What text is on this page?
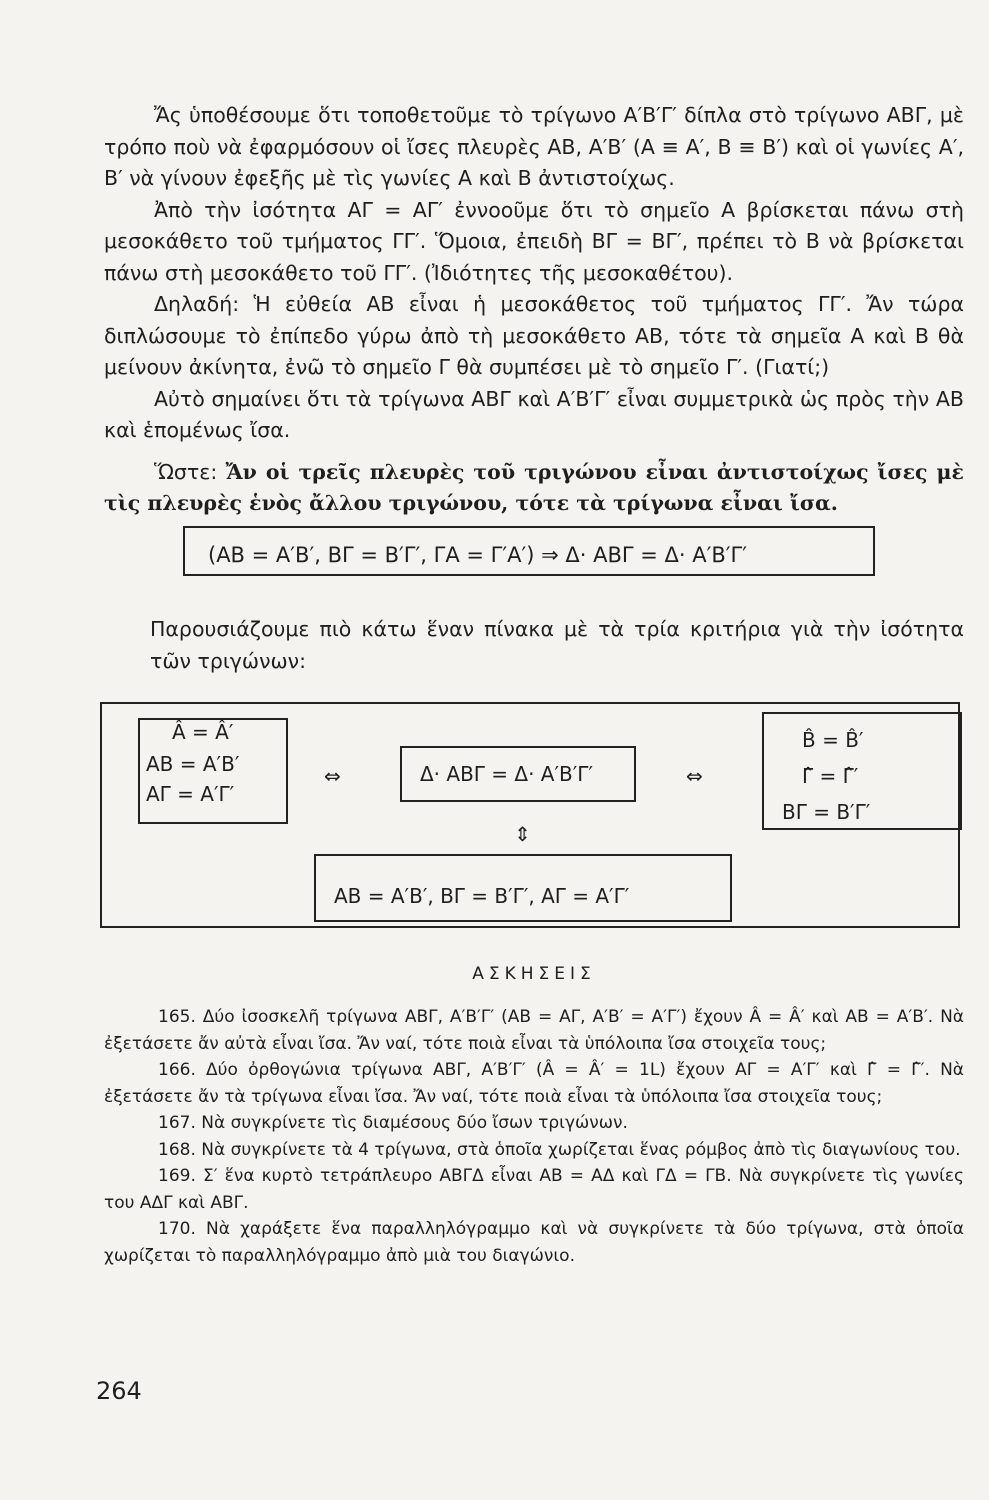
Ἄς ὑποθέσουμε ὅτι τοποθετοῦμε τὸ τρίγωνο Α′Β′Γ′ δίπλα στὸ τρίγωνο ΑΒΓ, μὲ τρόπο ποὺ νὰ ἐφαρμόσουν οἱ ἴσες πλευρὲς ΑΒ, Α′Β′ (Α ≡ Α′, Β ≡ Β′) καὶ οἱ γωνίες Α′, Β′ νὰ γίνουν ἐφεξῆς μὲ τὶς γωνίες Α καὶ Β ἀντιστοίχως.

Ἀπὸ τὴν ἰσότητα ΑΓ = ΑΓ′ ἐννοοῦμε ὅτι τὸ σημεῖο Α βρίσκεται πάνω στὴ μεσοκάθετο τοῦ τμήματος ΓΓ′. Ὅμοια, ἐπειδὴ ΒΓ = ΒΓ′, πρέπει τὸ Β νὰ βρίσκεται πάνω στὴ μεσοκάθετο τοῦ ΓΓ′. (Ἰδιότητες τῆς μεσοκαθέτου).

Δηλαδή: Ἡ εὐθεία ΑΒ εἶναι ἡ μεσοκάθετος τοῦ τμήματος ΓΓ′. Ἄν τώρα διπλώσουμε τὸ ἐπίπεδο γύρω ἀπὸ τὴ μεσοκάθετο ΑΒ, τότε τὰ σημεῖα Α καὶ Β θὰ μείνουν ἀκίνητα, ἐνῶ τὸ σημεῖο Γ θὰ συμπέσει μὲ τὸ σημεῖο Γ′. (Γιατί;)

Αὐτὸ σημαίνει ὅτι τὰ τρίγωνα ΑΒΓ καὶ Α′Β′Γ′ εἶναι συμμετρικὰ ὡς πρὸς τὴν ΑΒ καὶ ἑπομένως ἴσα.

Ὥστε: Ἄν οἱ τρεῖς πλευρὲς τοῦ τριγώνου εἶναι ἀντιστοίχως ἴσες μὲ τὶς πλευρὲς ἑνὸς ἄλλου τριγώνου, τότε τὰ τρίγωνα εἶναι ἴσα.

(ΑΒ = Α′Β′, ΒΓ = Β′Γ′, ΓΑ = Γ′Α′) ⇒ Δ· ΑΒΓ = Δ· Α′Β′Γ′

Παρουσιάζουμε πιὸ κάτω ἕναν πίνακα μὲ τὰ τρία κριτήρια γιὰ τὴν ἰσότητα τῶν τριγώνων:

Â = Â′
ΑΒ = Α′Β′
ΑΓ = Α′Γ′
⇔	Δ· ΑΒΓ = Δ· Α′Β′Γ′	⇔
B̂ = B̂′
Γ̂ = Γ̂′
ΒΓ = Β′Γ′
⇕
ΑΒ = Α′Β′, ΒΓ = Β′Γ′, ΑΓ = Α′Γ′
ΑΣΚΗΣΕΙΣ

165. Δύο ἰσοσκελῆ τρίγωνα ΑΒΓ, Α′Β′Γ′ (ΑΒ = ΑΓ, Α′Β′ = Α′Γ′) ἔχουν Â = Â′ καὶ ΑΒ = Α′Β′. Νὰ ἐξετάσετε ἄν αὐτὰ εἶναι ἴσα. Ἄν ναί, τότε ποιὰ εἶναι τὰ ὑπόλοιπα ἴσα στοιχεῖα τους;

166. Δύο ὀρθογώνια τρίγωνα ΑΒΓ, Α′Β′Γ′ (Â = Â′ = 1L) ἔχουν ΑΓ = Α′Γ′ καὶ Γ̂ = Γ̂′. Νὰ ἐξετάσετε ἄν τὰ τρίγωνα εἶναι ἴσα. Ἄν ναί, τότε ποιὰ εἶναι τὰ ὑπόλοιπα ἴσα στοιχεῖα τους;

167. Νὰ συγκρίνετε τὶς διαμέσους δύο ἴσων τριγώνων.

168. Νὰ συγκρίνετε τὰ 4 τρίγωνα, στὰ ὁποῖα χωρίζεται ἕνας ρόμβος ἀπὸ τὶς διαγωνίους του.

169. Σ′ ἕνα κυρτὸ τετράπλευρο ΑΒΓΔ εἶναι ΑΒ = ΑΔ καὶ ΓΔ = ΓΒ. Νὰ συγκρίνετε τὶς γωνίες του ΑΔΓ καὶ ΑΒΓ.

170. Νὰ χαράξετε ἕνα παραλληλόγραμμο καὶ νὰ συγκρίνετε τὰ δύο τρίγωνα, στὰ ὁποῖα χωρίζεται τὸ παραλληλόγραμμο ἀπὸ μιὰ του διαγώνιο.

264
